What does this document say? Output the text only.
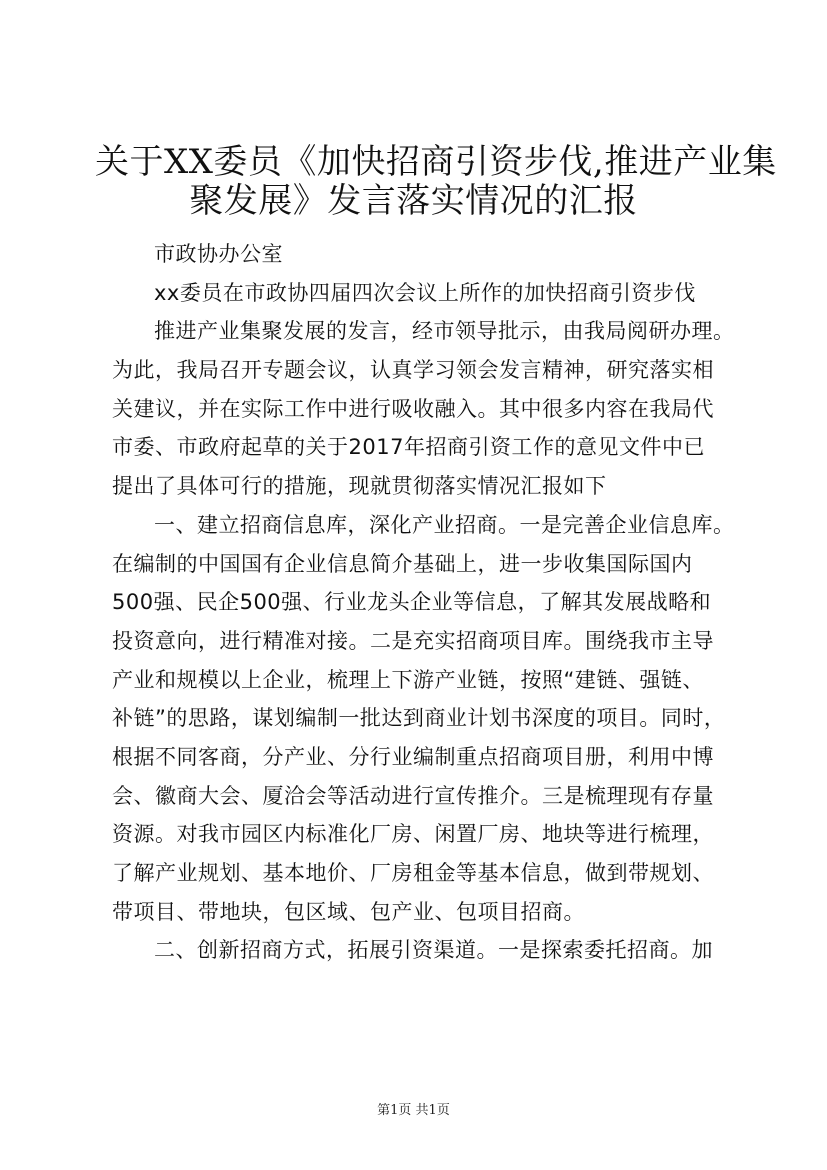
关于XX委员《加快招商引资步伐,推进产业集
聚发展》发言落实情况的汇报
市政协办公室
xx委员在市政协四届四次会议上所作的加快招商引资步伐
推进产业集聚发展的发言，经市领导批示，由我局阅研办理。
为此，我局召开专题会议，认真学习领会发言精神，研究落实相
关建议，并在实际工作中进行吸收融入。其中很多内容在我局代
市委、市政府起草的关于2017年招商引资工作的意见文件中已
提出了具体可行的措施，现就贯彻落实情况汇报如下
一、建立招商信息库，深化产业招商。一是完善企业信息库。
在编制的中国国有企业信息简介基础上，进一步收集国际国内
500强、民企500强、行业龙头企业等信息，了解其发展战略和
投资意向，进行精准对接。二是充实招商项目库。围绕我市主导
产业和规模以上企业，梳理上下游产业链，按照“建链、强链、
补链”的思路，谋划编制一批达到商业计划书深度的项目。同时，
根据不同客商，分产业、分行业编制重点招商项目册，利用中博
会、徽商大会、厦洽会等活动进行宣传推介。三是梳理现有存量
资源。对我市园区内标准化厂房、闲置厂房、地块等进行梳理，
了解产业规划、基本地价、厂房租金等基本信息，做到带规划、
带项目、带地块，包区域、包产业、包项目招商。
二、创新招商方式，拓展引资渠道。一是探索委托招商。加
第1页 共1页
